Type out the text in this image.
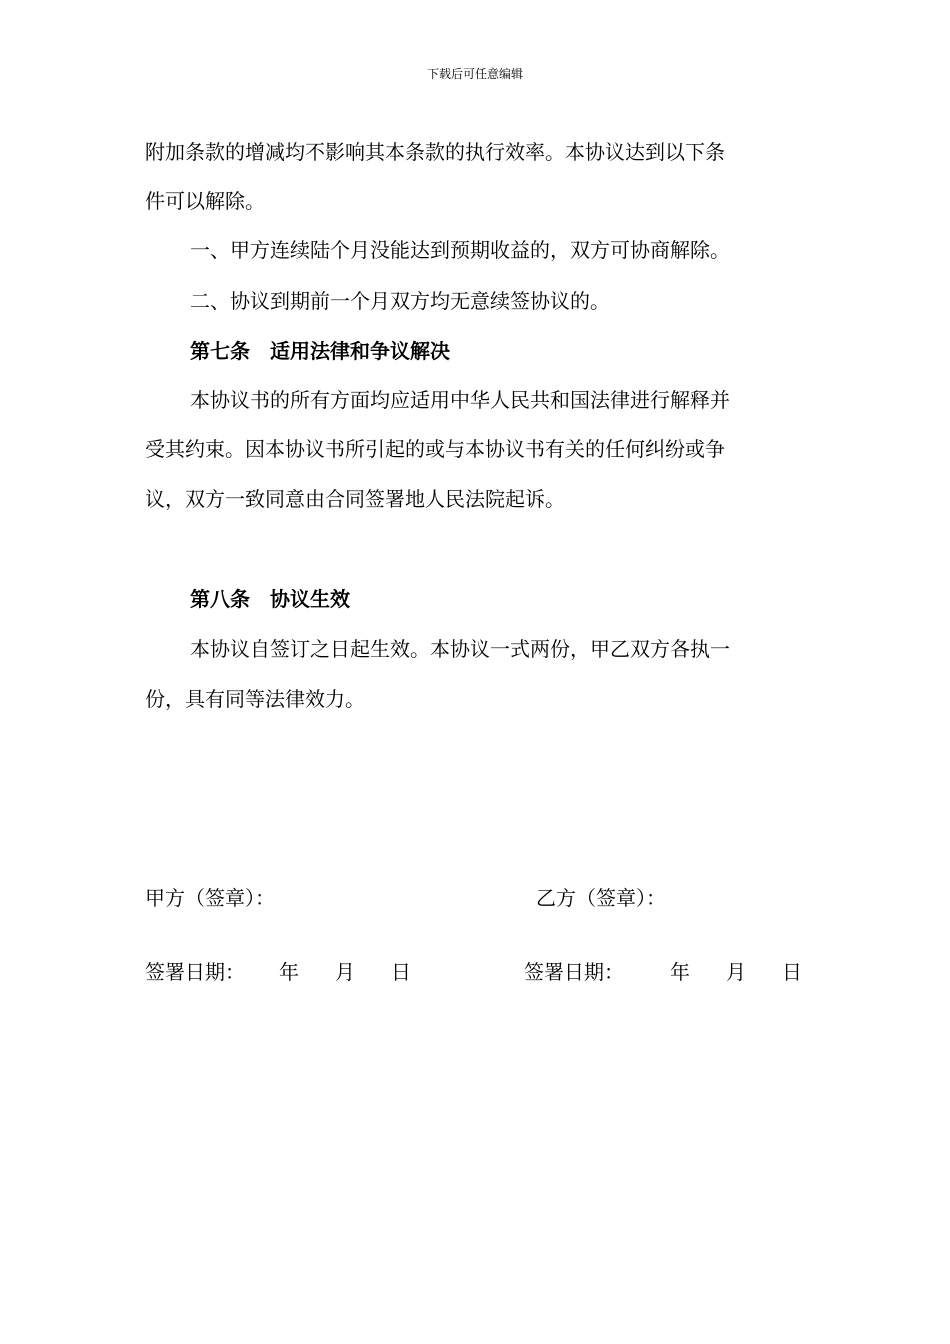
下载后可任意编辑
附加条款的增减均不影响其本条款的执行效率。本协议达到以下条
件可以解除。
一、甲方连续陆个月没能达到预期收益的，双方可协商解除。
二、协议到期前一个月双方均无意续签协议的。
第七条　适用法律和争议解决
本协议书的所有方面均应适用中华人民共和国法律进行解释并
受其约束。因本协议书所引起的或与本协议书有关的任何纠纷或争
议，双方一致同意由合同签署地人民法院起诉。
第八条　协议生效
本协议自签订之日起生效。本协议一式两份，甲乙双方各执一
份，具有同等法律效力。
甲方（签章）：	乙方（签章）：
签署日期： 年 月 日	签署日期： 年 月 日
